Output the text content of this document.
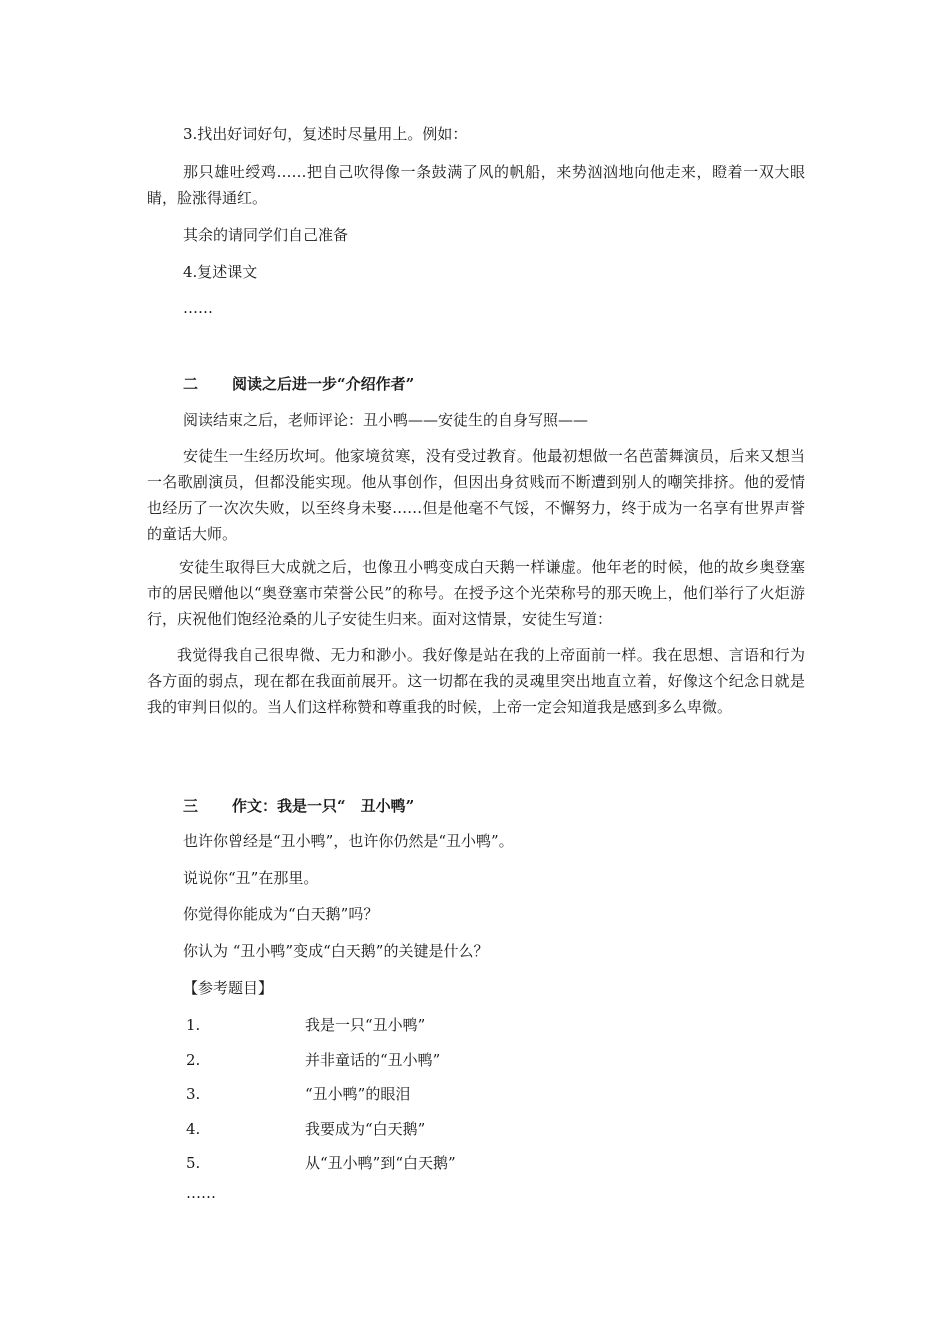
3.找出好词好句，复述时尽量用上。例如：
那只雄吐绶鸡……把自己吹得像一条鼓满了风的帆船，来势汹汹地向他走来，瞪着一双大眼睛，脸涨得通红。
其余的请同学们自己准备
4.复述课文
……
二 阅读之后进一步“介绍作者”
阅读结束之后，老师评论：丑小鸭——安徒生的自身写照——
安徒生一生经历坎坷。他家境贫寒，没有受过教育。他最初想做一名芭蕾舞演员，后来又想当一名歌剧演员，但都没能实现。他从事创作，但因出身贫贱而不断遭到别人的嘲笑排挤。他的爱情也经历了一次次失败，以至终身未娶……但是他毫不气馁，不懈努力，终于成为一名享有世界声誉的童话大师。
安徒生取得巨大成就之后，也像丑小鸭变成白天鹅一样谦虚。他年老的时候，他的故乡奥登塞市的居民赠他以“奥登塞市荣誉公民”的称号。在授予这个光荣称号的那天晚上，他们举行了火炬游行，庆祝他们饱经沧桑的儿子安徒生归来。面对这情景，安徒生写道：
我觉得我自己很卑微、无力和渺小。我好像是站在我的上帝面前一样。我在思想、言语和行为各方面的弱点，现在都在我面前展开。这一切都在我的灵魂里突出地直立着，好像这个纪念日就是我的审判日似的。当人们这样称赞和尊重我的时候，上帝一定会知道我是感到多么卑微。
三 作文：我是一只“　丑小鸭”
也许你曾经是“丑小鸭”，也许你仍然是“丑小鸭”。
说说你“丑”在那里。
你觉得你能成为“白天鹅”吗？
你认为 “丑小鸭”变成“白天鹅”的关键是什么？
【参考题目】
1.	我是一只“丑小鸭”
2.	并非童话的“丑小鸭”
3.	“丑小鸭”的眼泪
4.	我要成为“白天鹅”
5.	从“丑小鸭”到“白天鹅”
……
